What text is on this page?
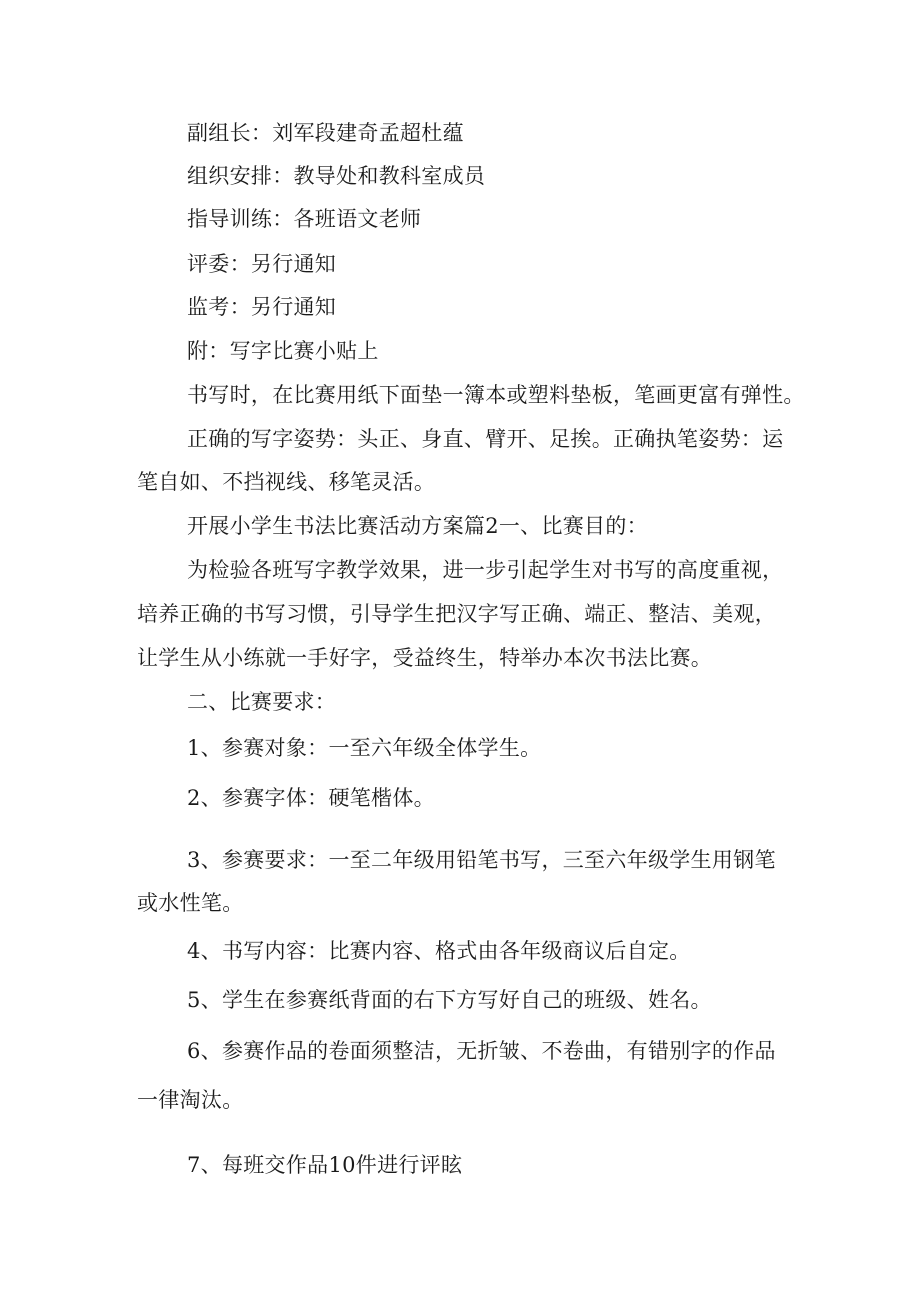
副组长：刘军段建奇孟超杜蕴
组织安排：教导处和教科室成员
指导训练：各班语文老师
评委：另行通知
监考：另行通知
附：写字比赛小贴上
书写时，在比赛用纸下面垫一簿本或塑料垫板，笔画更富有弹性。
正确的写字姿势：头正、身直、臂开、足挨。正确执笔姿势：运
笔自如、不挡视线、移笔灵活。
开展小学生书法比赛活动方案篇2一、比赛目的：
为检验各班写字教学效果，进一步引起学生对书写的高度重视，
培养正确的书写习惯，引导学生把汉字写正确、端正、整洁、美观，
让学生从小练就一手好字，受益终生，特举办本次书法比赛。
二、比赛要求：
1、参赛对象：一至六年级全体学生。
2、参赛字体：硬笔楷体。
3、参赛要求：一至二年级用铅笔书写，三至六年级学生用钢笔
或水性笔。
4、书写内容：比赛内容、格式由各年级商议后自定。
5、学生在参赛纸背面的右下方写好自己的班级、姓名。
6、参赛作品的卷面须整洁，无折皱、不卷曲，有错别字的作品
一律淘汰。
7、每班交作品10件进行评眩
